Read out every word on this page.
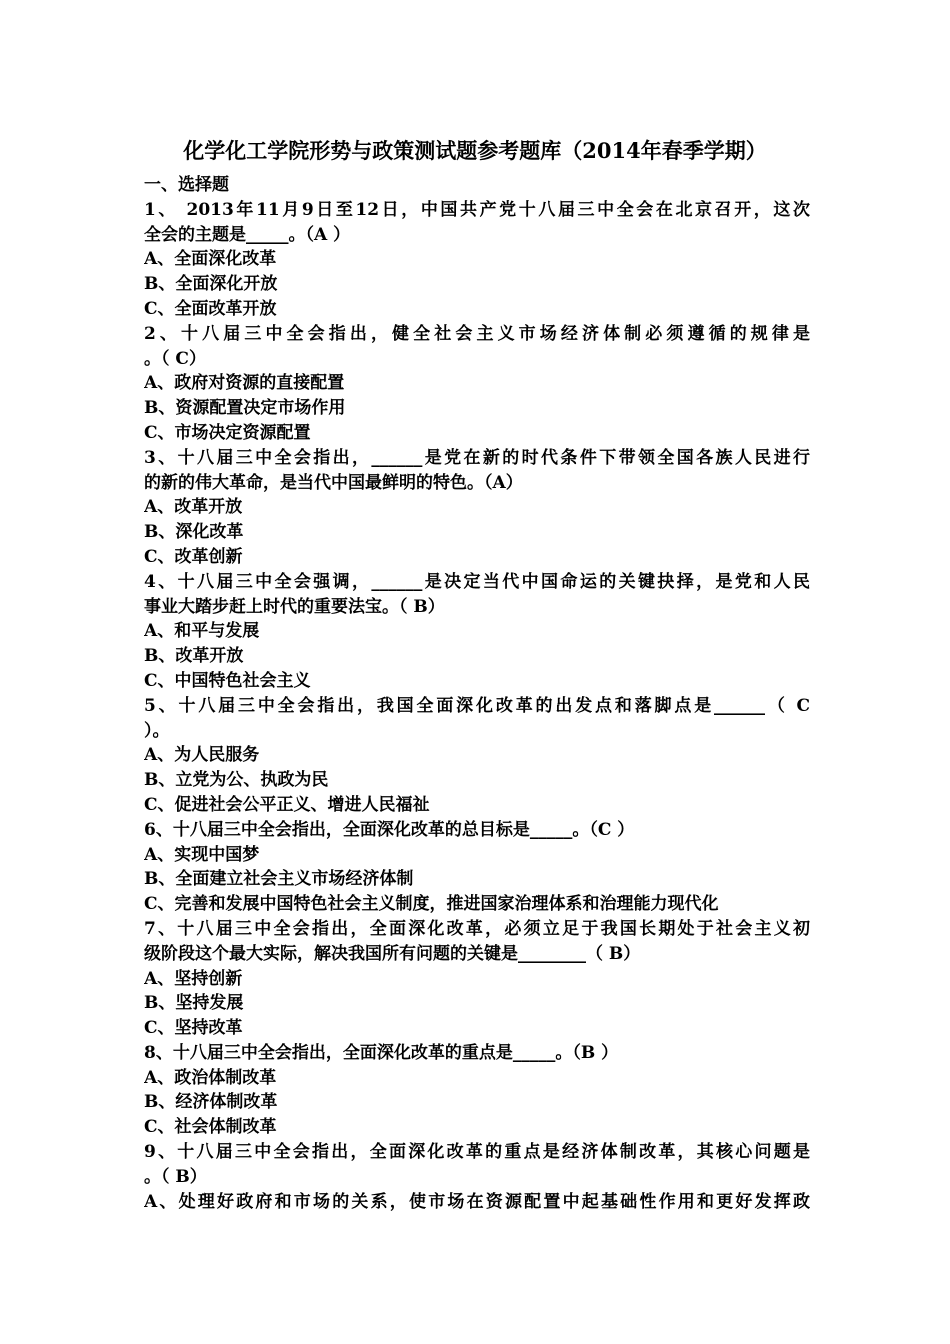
化学化工学院形势与政策测试题参考题库（2014年春季学期）
一、选择题
1、 2013年11月9日至12日，中国共产党十八届三中全会在北京召开，这次
全会的主题是_____。（A ）
A、全面深化改革
B、全面深化开放
C、全面改革开放
2、十八届三中全会指出，健全社会主义市场经济体制必须遵循的规律是
。（ C）
A、政府对资源的直接配置
B、资源配置决定市场作用
C、市场决定资源配置
3、十八届三中全会指出，______是党在新的时代条件下带领全国各族人民进行
的新的伟大革命，是当代中国最鲜明的特色。（A）
A、改革开放
B、深化改革
C、改革创新
4、十八届三中全会强调，______是决定当代中国命运的关键抉择，是党和人民
事业大踏步赶上时代的重要法宝。（ B）
A、和平与发展
B、改革开放
C、中国特色社会主义
5、十八届三中全会指出，我国全面深化改革的出发点和落脚点是______（ C
）。
A、为人民服务
B、立党为公、执政为民
C、促进社会公平正义、增进人民福祉
6、十八届三中全会指出，全面深化改革的总目标是_____。（C ）
A、实现中国梦
B、全面建立社会主义市场经济体制
C、完善和发展中国特色社会主义制度，推进国家治理体系和治理能力现代化
7、十八届三中全会指出，全面深化改革，必须立足于我国长期处于社会主义初
级阶段这个最大实际，解决我国所有问题的关键是________（ B）
A、坚持创新
B、坚持发展
C、坚持改革
8、十八届三中全会指出，全面深化改革的重点是_____。（B ）
A、政治体制改革
B、经济体制改革
C、社会体制改革
9、十八届三中全会指出，全面深化改革的重点是经济体制改革，其核心问题是
。（ B）
A、处理好政府和市场的关系，使市场在资源配置中起基础性作用和更好发挥政
